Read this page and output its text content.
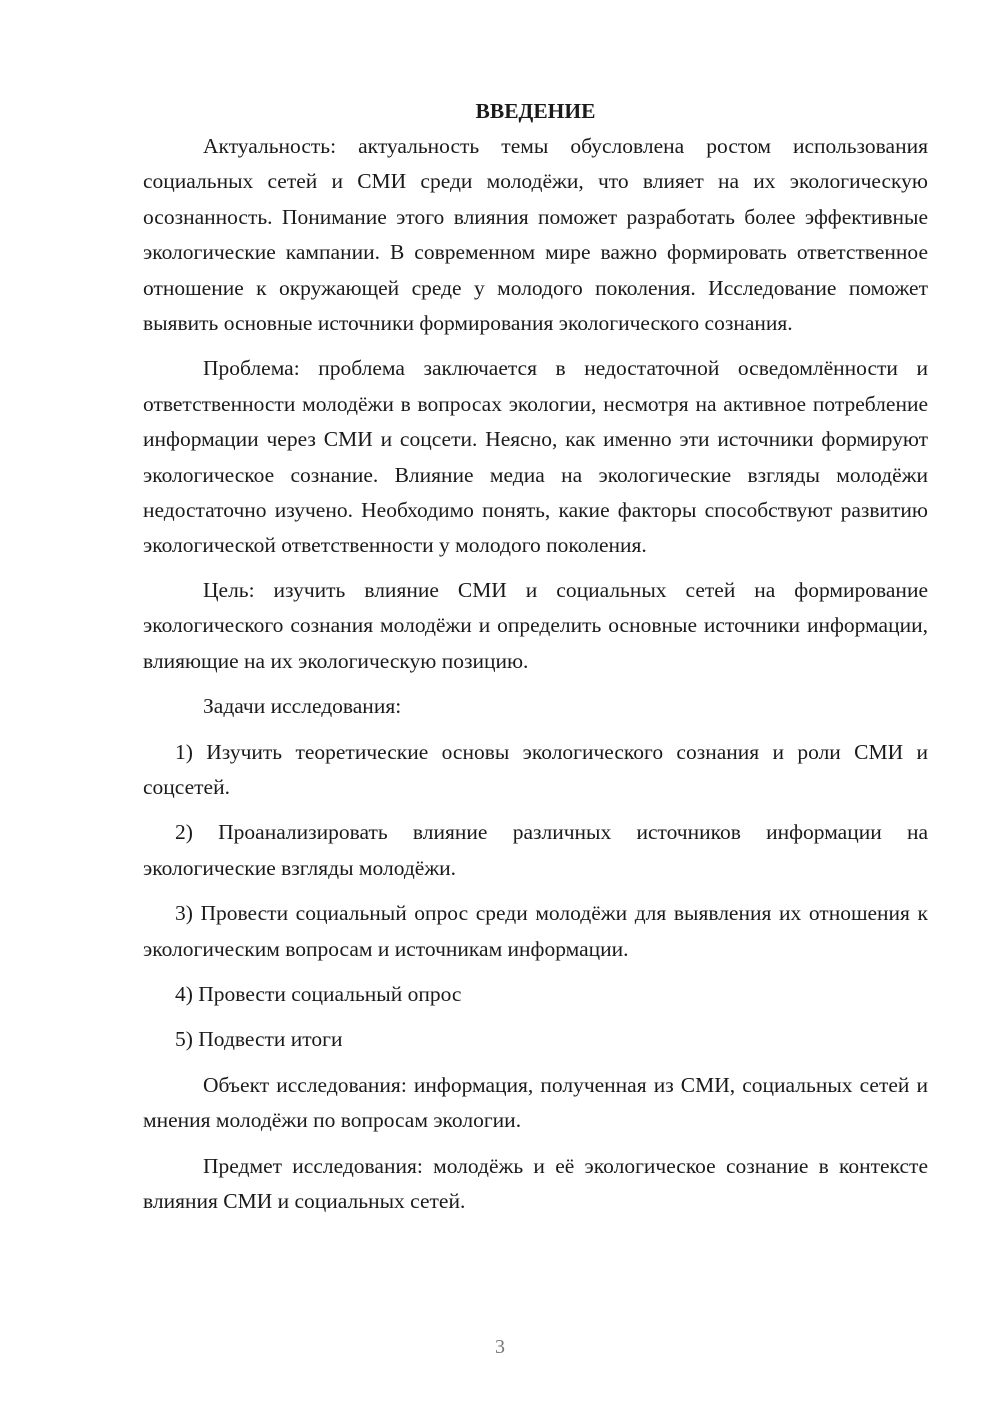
ВВЕДЕНИЕ

Актуальность: актуальность темы обусловлена ростом использования социальных сетей и СМИ среди молодёжи, что влияет на их экологическую осознанность. Понимание этого влияния поможет разработать более эффективные экологические кампании. В современном мире важно формировать ответственное отношение к окружающей среде у молодого поколения. Исследование поможет выявить основные источники формирования экологического сознания.

Проблема: проблема заключается в недостаточной осведомлённости и ответственности молодёжи в вопросах экологии, несмотря на активное потребление информации через СМИ и соцсети. Неясно, как именно эти источники формируют экологическое сознание. Влияние медиа на экологические взгляды молодёжи недостаточно изучено. Необходимо понять, какие факторы способствуют развитию экологической ответственности у молодого поколения.

Цель: изучить влияние СМИ и социальных сетей на формирование экологического сознания молодёжи и определить основные источники информации, влияющие на их экологическую позицию.

Задачи исследования:

1) Изучить теоретические основы экологического сознания и роли СМИ и соцсетей.

2) Проанализировать влияние различных источников информации на экологические взгляды молодёжи.

3) Провести социальный опрос среди молодёжи для выявления их отношения к экологическим вопросам и источникам информации.

4) Провести социальный опрос

5) Подвести итоги

Объект исследования: информация, полученная из СМИ, социальных сетей и мнения молодёжи по вопросам экологии.

Предмет исследования: молодёжь и её экологическое сознание в контексте влияния СМИ и социальных сетей.

3
